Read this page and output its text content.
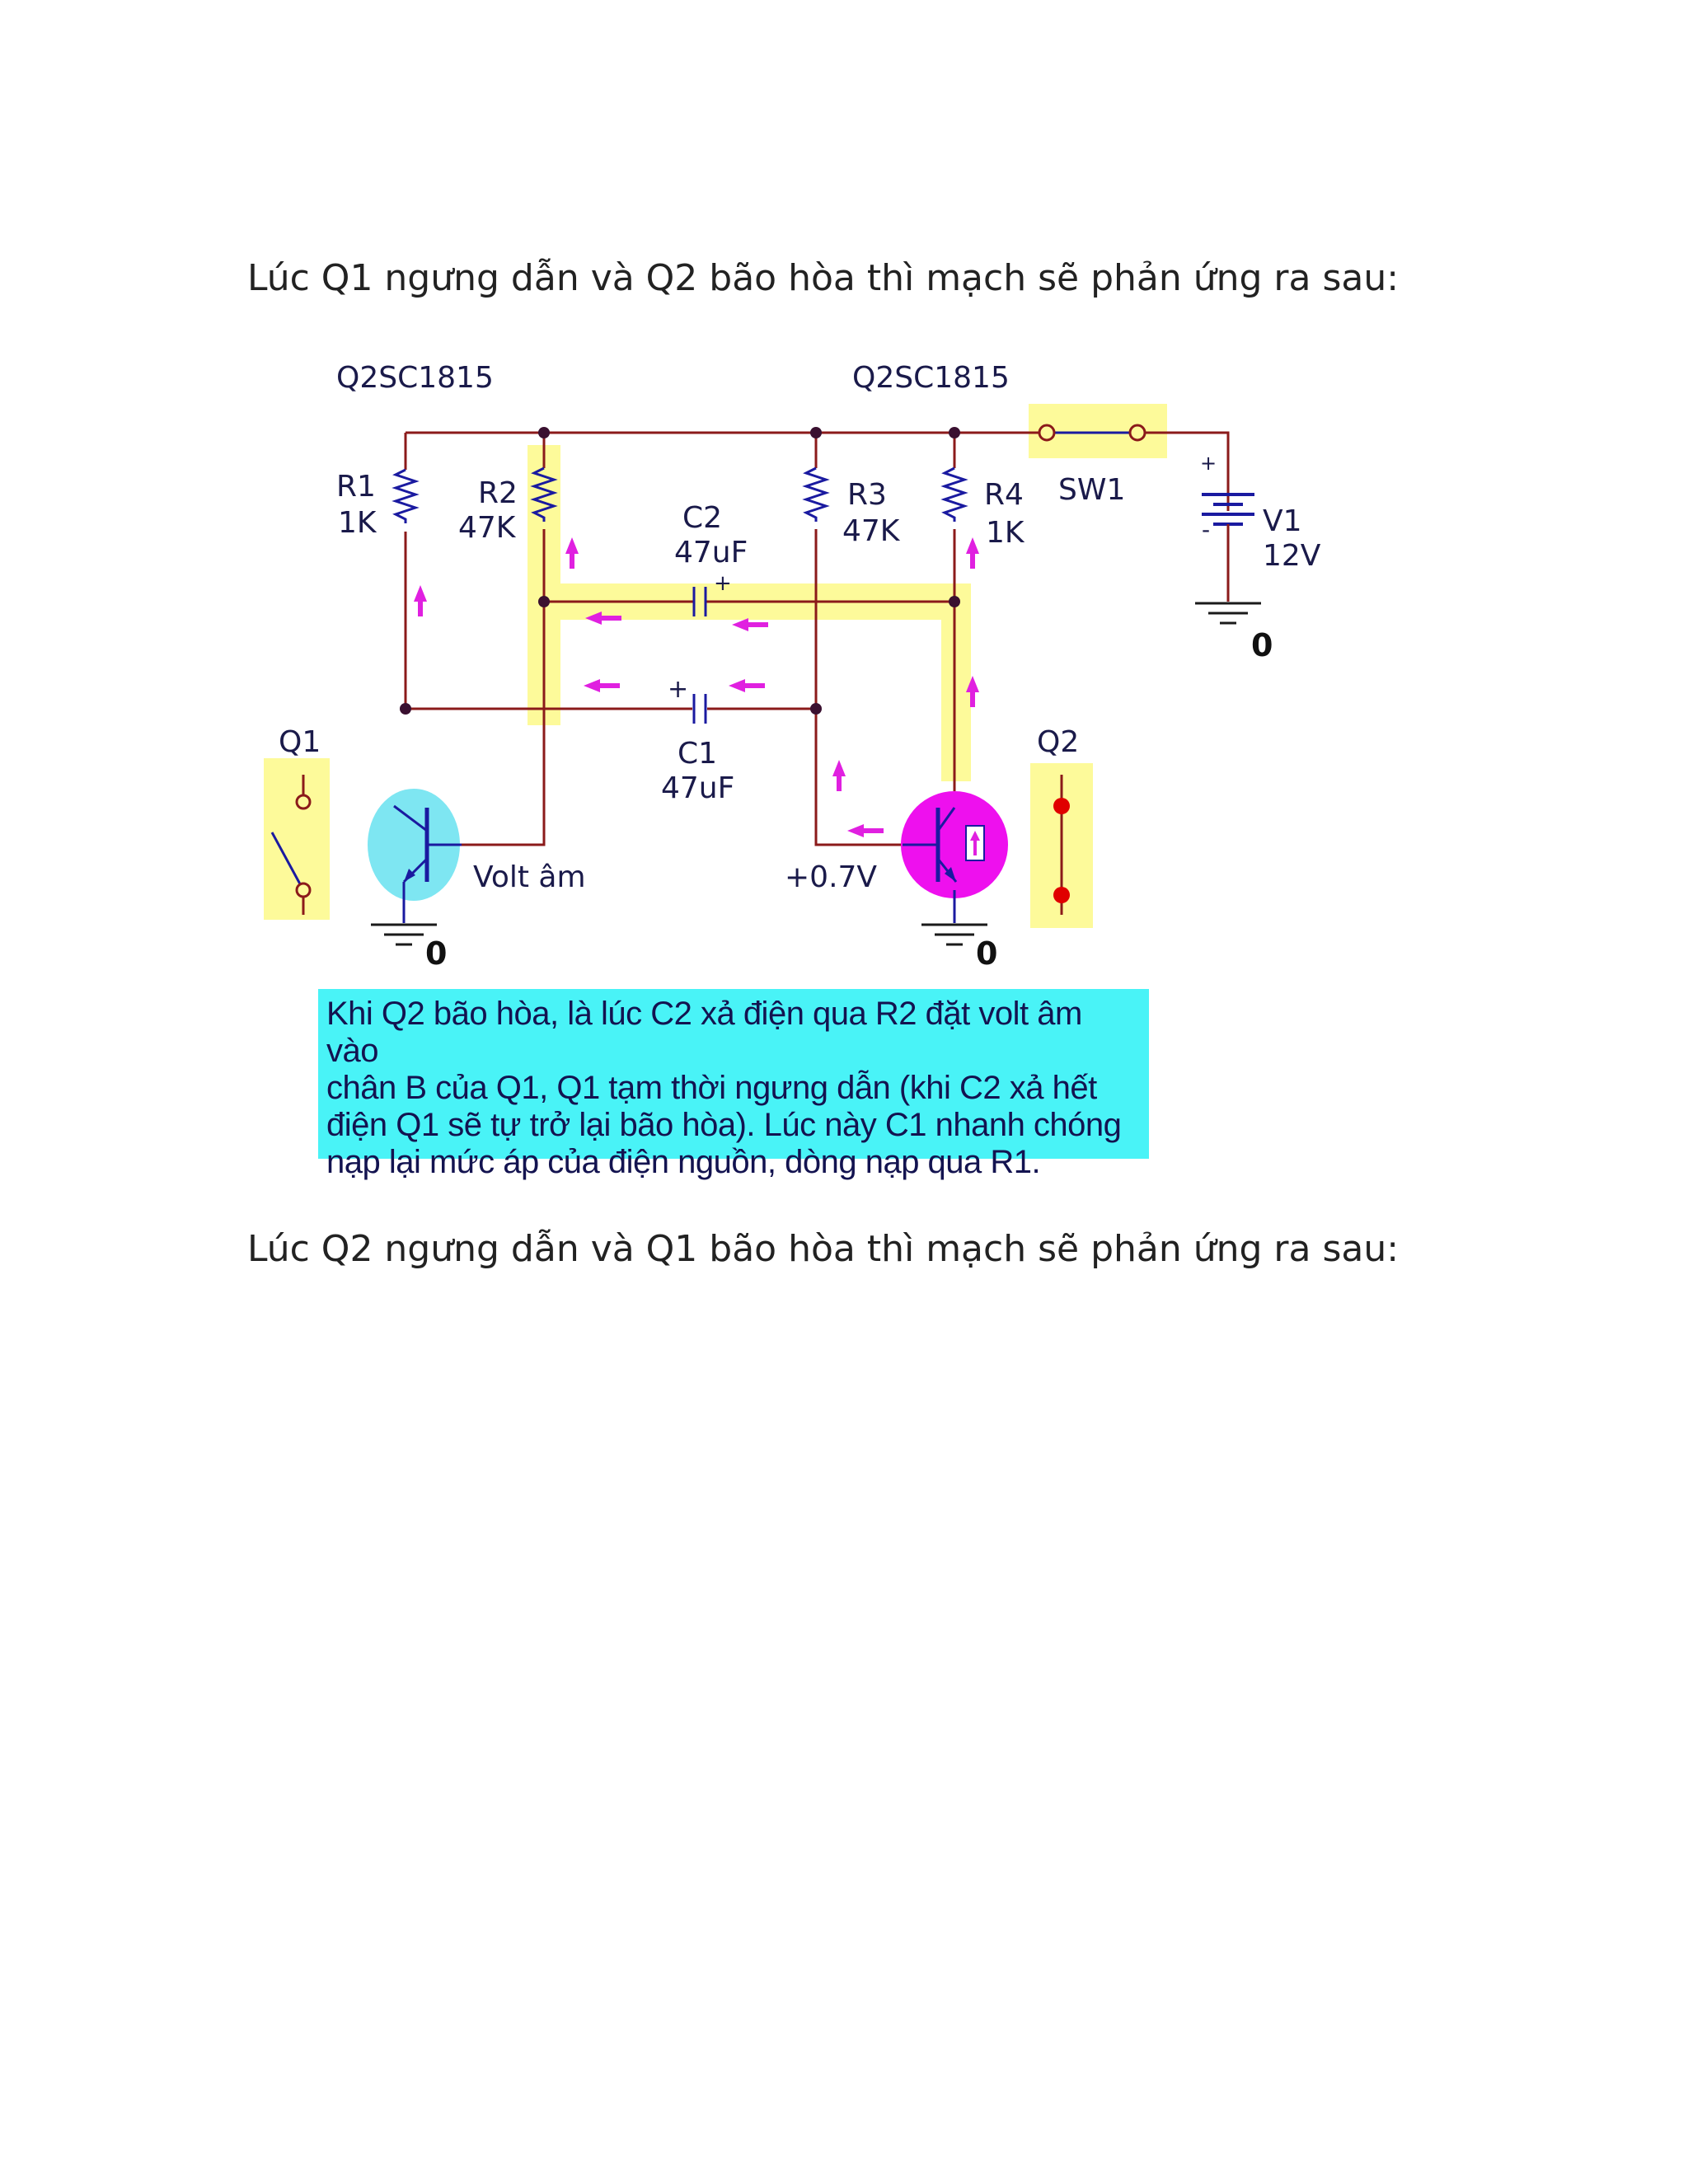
Lúc Q1 ngưng dẫn và Q2 bão hòa thì mạch sẽ phản ứng ra sau:
Q2SC1815	Q2SC1815
R1
1K
R2
47K
R3
47K
R4
1K
C2
47uF
+
+
C1
47uF
SW1
+
- V1
12V
0
Q1	Q2
Volt âm	+0.7V
0	0
Khi Q2 bão hòa, là lúc C2 xả điện qua R2 đặt volt âm vào
chân B của Q1, Q1 tạm thời ngưng dẫn (khi C2 xả hết
điện Q1 sẽ tự trở lại bão hòa). Lúc này C1 nhanh chóng
nạp lại mức áp của điện nguồn, dòng nạp qua R1.
Lúc Q2 ngưng dẫn và Q1 bão hòa thì mạch sẽ phản ứng ra sau:
